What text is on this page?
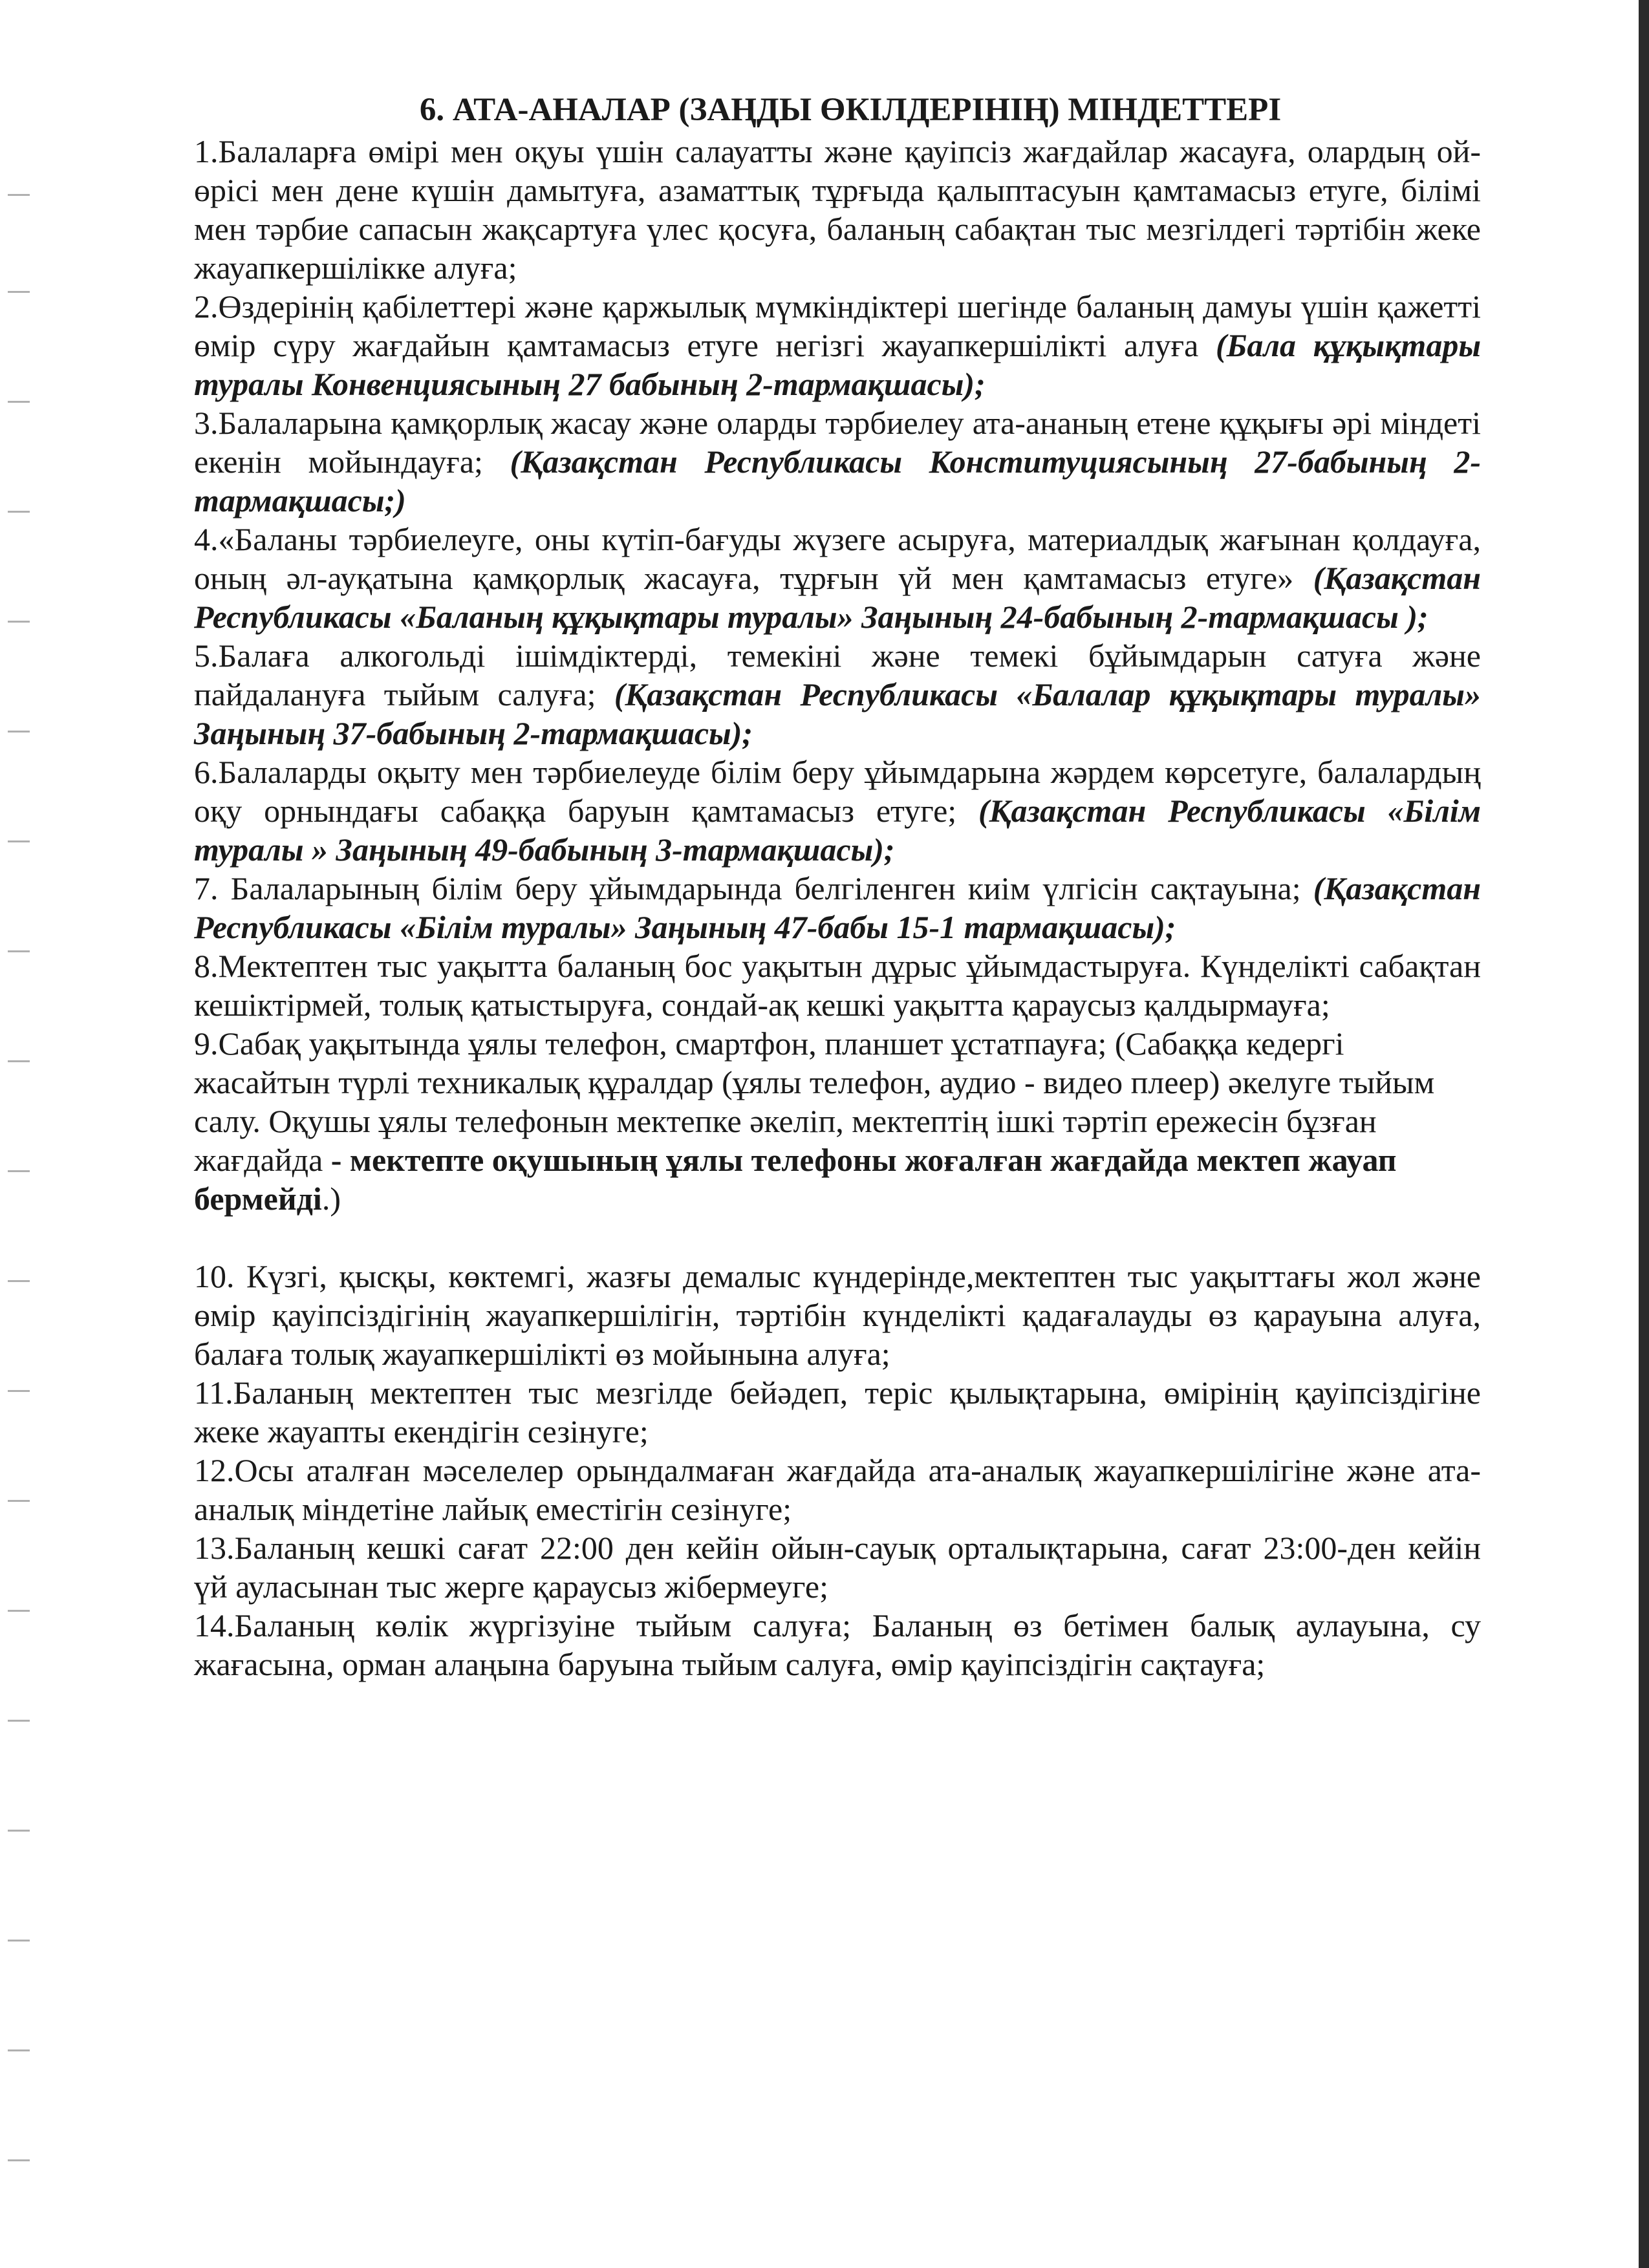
6. АТА-АНАЛАР (ЗАҢДЫ ӨКІЛДЕРІНІҢ) МІНДЕТТЕРІ

1.Балаларға өмірі мен оқуы үшін салауатты және қауіпсіз жағдайлар жасауға, олардың ой-өрісі мен дене күшін дамытуға, азаматтық тұрғыда қалыптасуын қамтамасыз етуге, білімі мен тәрбие сапасын жақсартуға үлес қосуға, баланың сабақтан тыс мезгілдегі тәртібін жеке жауапкершілікке алуға;

2.Өздерінің қабілеттері және қаржылық мүмкіндіктері шегінде баланың дамуы үшін қажетті өмір сүру жағдайын қамтамасыз етуге негізгі жауапкершілікті алуға (Бала құқықтары туралы Конвенциясының 27 бабының 2-тармақшасы);

3.Балаларына қамқорлық жасау және оларды тәрбиелеу ата-ананың етене құқығы әрі міндеті екенін мойындауға; (Қазақстан Республикасы Конституциясының 27-бабының 2-тармақшасы;)

4.«Баланы тәрбиелеуге, оны күтіп-бағуды жүзеге асыруға, материалдық жағынан қолдауға, оның әл-ауқатына қамқорлық жасауға, тұрғын үй мен қамтамасыз етуге» (Қазақстан Республикасы «Баланың құқықтары туралы» Заңының 24-бабының 2-тармақшасы );

5.Балаға алкогольді ішімдіктерді, темекіні және темекі бұйымдарын сатуға және пайдалануға тыйым салуға; (Қазақстан Республикасы «Балалар құқықтары туралы» Заңының 37-бабының 2-тармақшасы);

6.Балаларды оқыту мен тәрбиелеуде білім беру ұйымдарына жәрдем көрсетуге, балалардың оқу орнындағы сабаққа баруын қамтамасыз етуге; (Қазақстан Республикасы «Білім туралы » Заңының 49-бабының 3-тармақшасы);

7. Балаларының білім беру ұйымдарында белгіленген киім үлгісін сақтауына; (Қазақстан Республикасы «Білім туралы» Заңының 47-бабы 15-1 тармақшасы);

8.Мектептен тыс уақытта баланың бос уақытын дұрыс ұйымдастыруға. Күнделікті сабақтан кешіктірмей, толық қатыстыруға, сондай-ақ кешкі уақытта қараусыз қалдырмауға;

9.Сабақ уақытында ұялы телефон, смартфон, планшет ұстатпауға; (Сабаққа кедергі жасайтын түрлі техникалық құралдар (ұялы телефон, аудио - видео плеер) әкелуге тыйым салу. Оқушы ұялы телефонын мектепке әкеліп, мектептің ішкі тәртіп ережесін бұзған жағдайда - мектепте оқушының ұялы телефоны жоғалған жағдайда мектеп жауап бермейді.)

10. Күзгі, қысқы, көктемгі, жазғы демалыс күндерінде,мектептен тыс уақыттағы жол және өмір қауіпсіздігінің жауапкершілігін, тәртібін күнделікті қадағалауды өз қарауына алуға, балаға толық жауапкершілікті өз мойынына алуға;

11.Баланың мектептен тыс мезгілде бейәдеп, теріс қылықтарына, өмірінің қауіпсіздігіне жеке жауапты екендігін сезінуге;

12.Осы аталған мәселелер орындалмаған жағдайда ата-аналық жауапкершілігіне және ата-аналық міндетіне лайық еместігін сезінуге;

13.Баланың кешкі сағат 22:00 ден кейін ойын-сауық орталықтарына, сағат 23:00-ден кейін үй ауласынан тыс жерге қараусыз жібермеуге;

14.Баланың көлік жүргізуіне тыйым салуға; Баланың өз бетімен балық аулауына, су жағасына, орман алаңына баруына тыйым салуға, өмір қауіпсіздігін сақтауға;
